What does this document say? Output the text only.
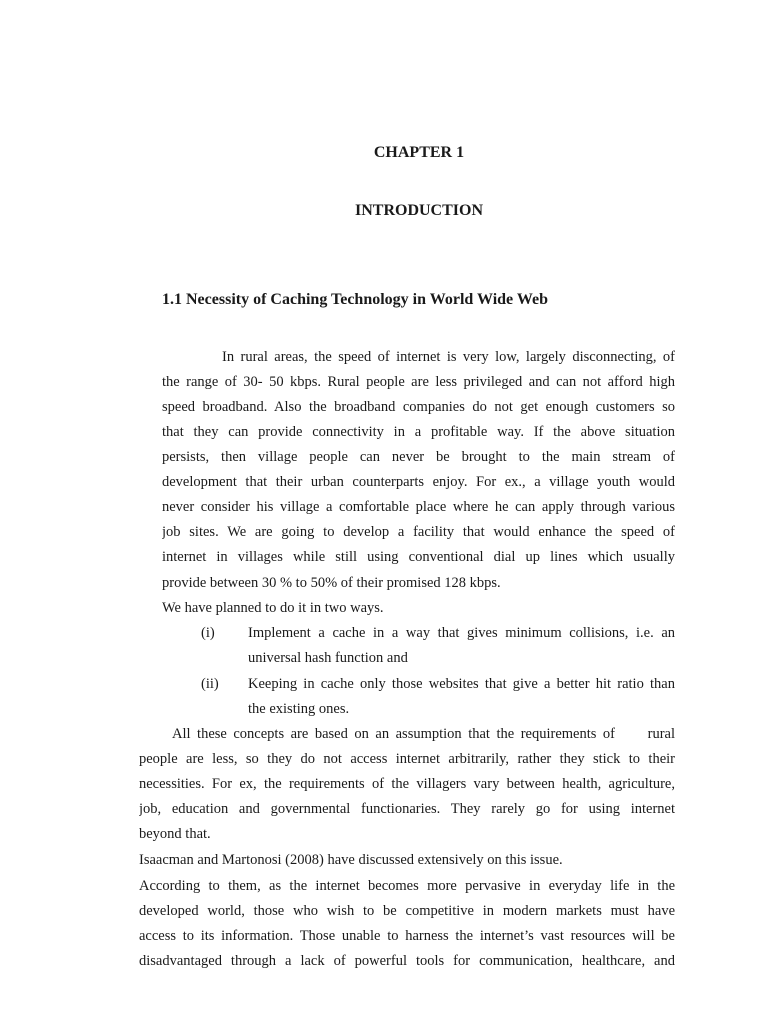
CHAPTER 1
INTRODUCTION
1.1 Necessity of Caching Technology in World Wide Web
In rural areas, the speed of internet is very low, largely disconnecting, of
the range of 30- 50 kbps. Rural people are less privileged and can not afford high
speed broadband. Also the broadband companies do not get enough customers so
that they can provide connectivity in a profitable way. If the above situation
persists, then village people can never be brought to the main stream of
development that their urban counterparts enjoy. For ex., a village youth would
never consider his village a comfortable place where he can apply through various
job sites. We are going to develop a facility that would enhance the speed of
internet in villages while still using conventional dial up lines which usually
provide between 30 % to 50% of their promised 128 kbps.
We have planned to do it in two ways.
(i) Implement a cache in a way that gives minimum collisions, i.e. an
universal hash function and
(ii) Keeping in cache only those websites that give a better hit ratio than
the existing ones.
All these concepts are based on an assumption that the requirements of     rural
people are less, so they do not access internet arbitrarily, rather they stick to their
necessities. For ex, the requirements of the villagers vary between health, agriculture,
job, education and governmental functionaries. They rarely go for using internet
beyond that.
Isaacman and Martonosi (2008) have discussed extensively on this issue.
According to them, as the internet becomes more pervasive in everyday life in the
developed world, those who wish to be competitive in modern markets must have
access to its information. Those unable to harness the internet’s vast resources will be
disadvantaged through a lack of powerful tools for communication, healthcare, and
